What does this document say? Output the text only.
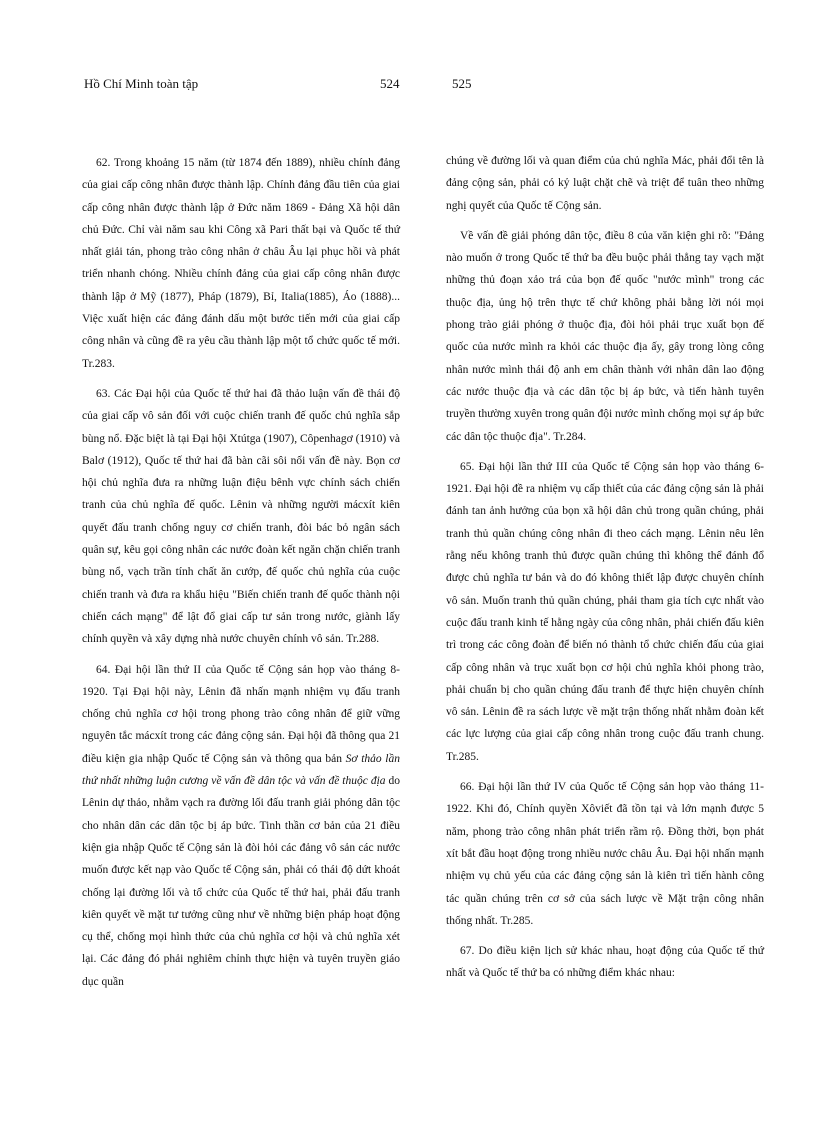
Hồ Chí Minh toàn tập	524	525

62. Trong khoảng 15 năm (từ 1874 đến 1889), nhiều chính đảng của giai cấp công nhân được thành lập. Chính đảng đầu tiên của giai cấp công nhân được thành lập ở Đức năm 1869 - Đảng Xã hội dân chủ Đức. Chỉ vài năm sau khi Công xã Pari thất bại và Quốc tế thứ nhất giải tán, phong trào công nhân ở châu Âu lại phục hồi và phát triển nhanh chóng. Nhiều chính đảng của giai cấp công nhân được thành lập ở Mỹ (1877), Pháp (1879), Bỉ, Italia(1885), Áo (1888)... Việc xuất hiện các đảng đánh dấu một bước tiến mới của giai cấp công nhân và cũng đề ra yêu cầu thành lập một tổ chức quốc tế mới. Tr.283.

63. Các Đại hội của Quốc tế thứ hai đã thảo luận vấn đề thái độ của giai cấp vô sản đối với cuộc chiến tranh đế quốc chủ nghĩa sắp bùng nổ. Đặc biệt là tại Đại hội Xtútga (1907), Côpenhagơ (1910) và Balơ (1912), Quốc tế thứ hai đã bàn cãi sôi nổi vấn đề này. Bọn cơ hội chủ nghĩa đưa ra những luận điệu bênh vực chính sách chiến tranh của chủ nghĩa đế quốc. Lênin và những người mácxít kiên quyết đấu tranh chống nguy cơ chiến tranh, đòi bác bỏ ngân sách quân sự, kêu gọi công nhân các nước đoàn kết ngăn chặn chiến tranh bùng nổ, vạch trần tính chất ăn cướp, đế quốc chủ nghĩa của cuộc chiến tranh và đưa ra khẩu hiệu "Biến chiến tranh đế quốc thành nội chiến cách mạng" để lật đổ giai cấp tư sản trong nước, giành lấy chính quyền và xây dựng nhà nước chuyên chính vô sản. Tr.288.

64. Đại hội lần thứ II của Quốc tế Cộng sản họp vào tháng 8-1920. Tại Đại hội này, Lênin đã nhấn mạnh nhiệm vụ đấu tranh chống chủ nghĩa cơ hội trong phong trào công nhân để giữ vững nguyên tắc mácxít trong các đảng cộng sản. Đại hội đã thông qua 21 điều kiện gia nhập Quốc tế Cộng sản và thông qua bản Sơ thảo lần thứ nhất những luận cương về vấn đề dân tộc và vấn đề thuộc địa do Lênin dự thảo, nhằm vạch ra đường lối đấu tranh giải phóng dân tộc cho nhân dân các dân tộc bị áp bức. Tinh thần cơ bản của 21 điều kiện gia nhập Quốc tế Cộng sản là đòi hỏi các đảng vô sản các nước muốn được kết nạp vào Quốc tế Cộng sản, phải có thái độ dứt khoát chống lại đường lối và tổ chức của Quốc tế thứ hai, phải đấu tranh kiên quyết về mặt tư tưởng cũng như về những biện pháp hoạt động cụ thể, chống mọi hình thức của chủ nghĩa cơ hội và chủ nghĩa xét lại. Các đảng đó phải nghiêm chỉnh thực hiện và tuyên truyền giáo dục quần

chúng về đường lối và quan điểm của chủ nghĩa Mác, phải đổi tên là đảng cộng sản, phải có kỷ luật chặt chẽ và triệt để tuân theo những nghị quyết của Quốc tế Cộng sản.

Về vấn đề giải phóng dân tộc, điều 8 của văn kiện ghi rõ: "Đảng nào muốn ở trong Quốc tế thứ ba đều buộc phải thẳng tay vạch mặt những thủ đoạn xảo trá của bọn đế quốc "nước mình" trong các thuộc địa, ủng hộ trên thực tế chứ không phải bằng lời nói mọi phong trào giải phóng ở thuộc địa, đòi hỏi phải trục xuất bọn đế quốc của nước mình ra khỏi các thuộc địa ấy, gây trong lòng công nhân nước mình thái độ anh em chân thành với nhân dân lao động các nước thuộc địa và các dân tộc bị áp bức, và tiến hành tuyên truyền thường xuyên trong quân đội nước mình chống mọi sự áp bức các dân tộc thuộc địa". Tr.284.

65. Đại hội lần thứ III của Quốc tế Cộng sản họp vào tháng 6-1921. Đại hội đề ra nhiệm vụ cấp thiết của các đảng cộng sản là phải đánh tan ảnh hưởng của bọn xã hội dân chủ trong quần chúng, phải tranh thủ quần chúng công nhân đi theo cách mạng. Lênin nêu lên rằng nếu không tranh thủ được quần chúng thì không thể đánh đổ được chủ nghĩa tư bản và do đó không thiết lập được chuyên chính vô sản. Muốn tranh thủ quần chúng, phải tham gia tích cực nhất vào cuộc đấu tranh kinh tế hằng ngày của công nhân, phải chiến đấu kiên trì trong các công đoàn để biến nó thành tổ chức chiến đấu của giai cấp công nhân và trục xuất bọn cơ hội chủ nghĩa khỏi phong trào, phải chuẩn bị cho quần chúng đấu tranh để thực hiện chuyên chính vô sản. Lênin đề ra sách lược về mặt trận thống nhất nhằm đoàn kết các lực lượng của giai cấp công nhân trong cuộc đấu tranh chung. Tr.285.

66. Đại hội lần thứ IV của Quốc tế Cộng sản họp vào tháng 11-1922. Khi đó, Chính quyền Xôviết đã tồn tại và lớn mạnh được 5 năm, phong trào công nhân phát triển rầm rộ. Đồng thời, bọn phát xít bắt đầu hoạt động trong nhiều nước châu Âu. Đại hội nhấn mạnh nhiệm vụ chủ yếu của các đảng cộng sản là kiên trì tiến hành công tác quần chúng trên cơ sở của sách lược về Mặt trận công nhân thống nhất. Tr.285.

67. Do điều kiện lịch sử khác nhau, hoạt động của Quốc tế thứ nhất và Quốc tế thứ ba có những điểm khác nhau:
